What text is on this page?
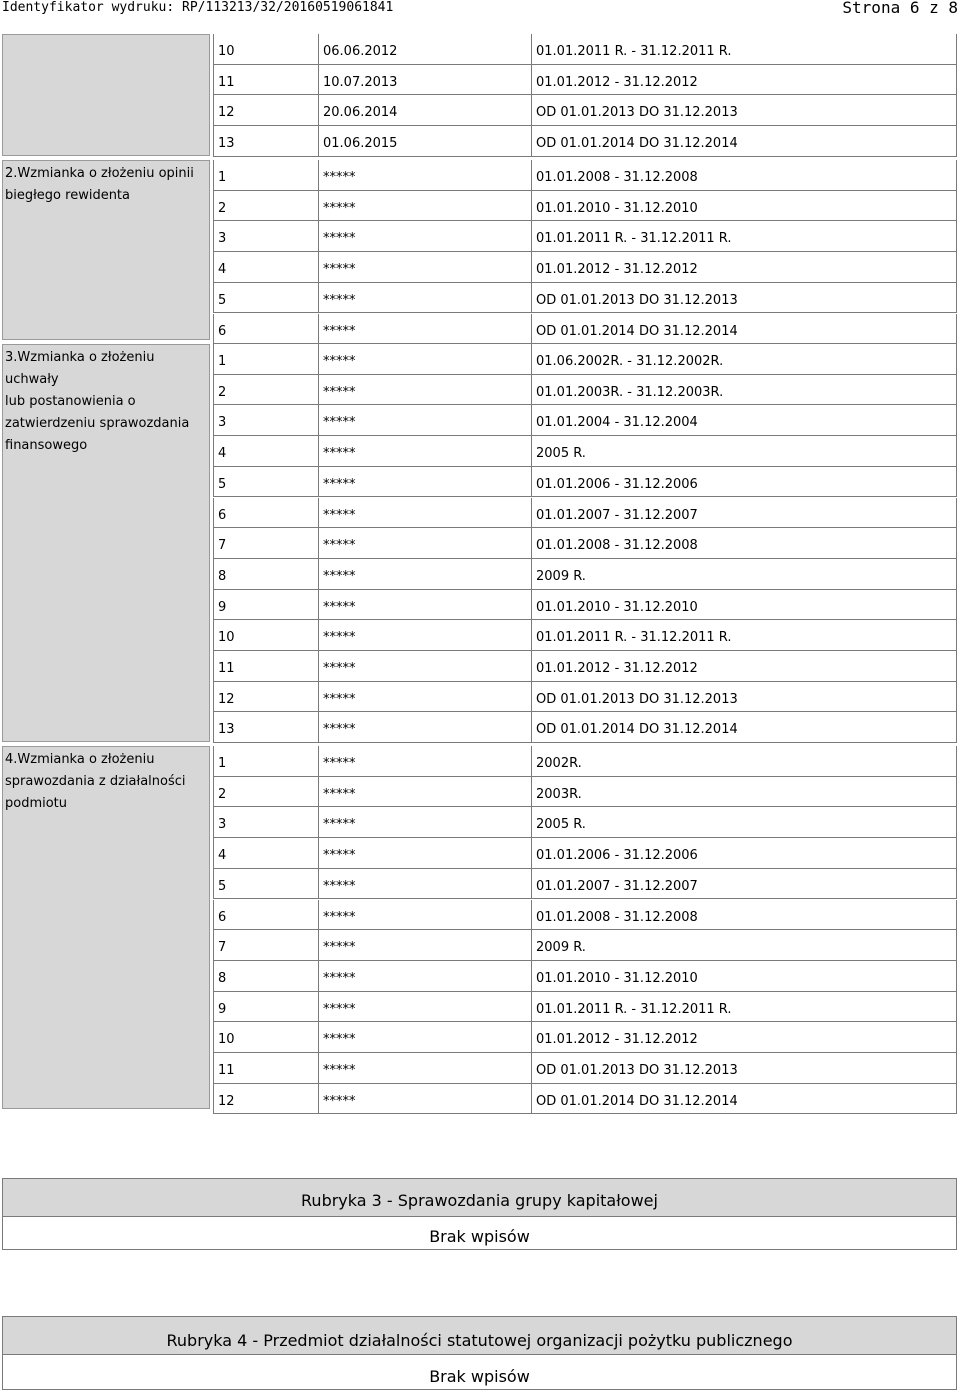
Identyfikator wydruku: RP/113213/32/20160519061841	Strona 6 z 8
2.Wzmianka o złożeniu opinii
biegłego rewidenta
3.Wzmianka o złożeniu uchwały
lub postanowienia o
zatwierdzeniu sprawozdania
finansowego
4.Wzmianka o złożeniu
sprawozdania z działalności
podmiotu
10	06.06.2012	01.01.2011 R. - 31.12.2011 R.
11	10.07.2013	01.01.2012 - 31.12.2012
12	20.06.2014	OD 01.01.2013 DO 31.12.2013
13	01.06.2015	OD 01.01.2014 DO 31.12.2014
1	*****	01.01.2008 - 31.12.2008
2	*****	01.01.2010 - 31.12.2010
3	*****	01.01.2011 R. - 31.12.2011 R.
4	*****	01.01.2012 - 31.12.2012
5	*****	OD 01.01.2013 DO 31.12.2013
6	*****	OD 01.01.2014 DO 31.12.2014
1	*****	01.06.2002R. - 31.12.2002R.
2	*****	01.01.2003R. - 31.12.2003R.
3	*****	01.01.2004 - 31.12.2004
4	*****	2005 R.
5	*****	01.01.2006 - 31.12.2006
6	*****	01.01.2007 - 31.12.2007
7	*****	01.01.2008 - 31.12.2008
8	*****	2009 R.
9	*****	01.01.2010 - 31.12.2010
10	*****	01.01.2011 R. - 31.12.2011 R.
11	*****	01.01.2012 - 31.12.2012
12	*****	OD 01.01.2013 DO 31.12.2013
13	*****	OD 01.01.2014 DO 31.12.2014
1	*****	2002R.
2	*****	2003R.
3	*****	2005 R.
4	*****	01.01.2006 - 31.12.2006
5	*****	01.01.2007 - 31.12.2007
6	*****	01.01.2008 - 31.12.2008
7	*****	2009 R.
8	*****	01.01.2010 - 31.12.2010
9	*****	01.01.2011 R. - 31.12.2011 R.
10	*****	01.01.2012 - 31.12.2012
11	*****	OD 01.01.2013 DO 31.12.2013
12	*****	OD 01.01.2014 DO 31.12.2014
Rubryka 3 - Sprawozdania grupy kapitałowej
Brak wpisów
Rubryka 4 - Przedmiot działalności statutowej organizacji pożytku publicznego
Brak wpisów
